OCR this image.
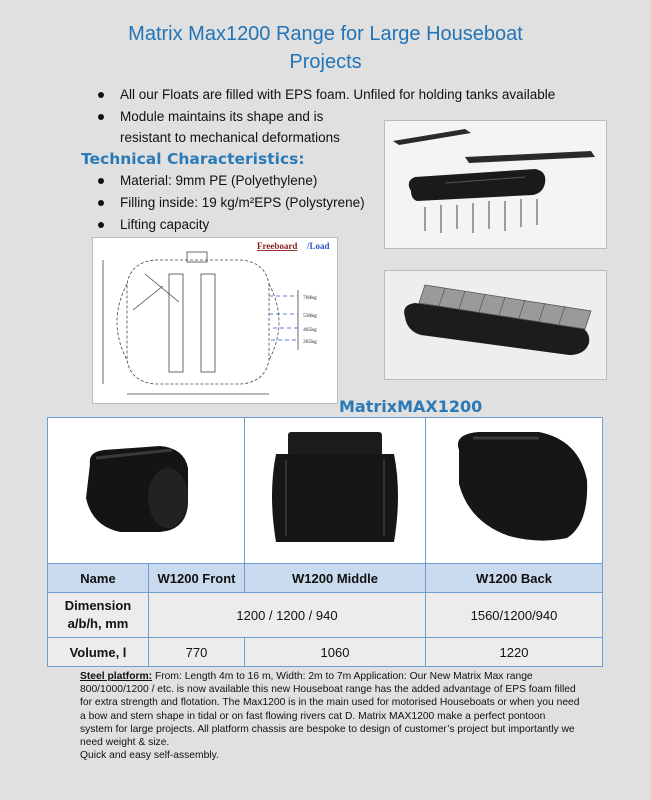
Matrix Max1200 Range for Large Houseboat
Projects
All our Floats are filled with EPS foam. Unfiled for holding tanks available
Module maintains its shape and is
resistant to mechanical deformations
Technical Characteristics:
Material: 9mm PE (Polyethylene)
Filling inside: 19 kg/m²EPS (Polystyrene)
Lifting capacity
Freeboard /Load
760kg
530kg
405kg
265kg
MatrixMAX1200

Name	W1200 Front	W1200 Middle	W1200 Back

Dimension
a/b/h, mm	1200 / 1200 / 940		1560/1200/940
Volume, l	770	1060	1220
Steel platform: From: Length 4m to 16 m, Width: 2m to 7m Application: Our New Matrix Max range 800/1000/1200 / etc. is now available this new Houseboat range has the added advantage of EPS foam filled for extra strength and flotation. The Max1200 is in the main used for motorised Houseboats or when you need a bow and stern shape in tidal or on fast flowing rivers cat D. Matrix MAX1200 make a perfect pontoon system for large projects. All platform chassis are bespoke to design of customer’s project but importantly we need weight & size.
Quick and easy self-assembly.
